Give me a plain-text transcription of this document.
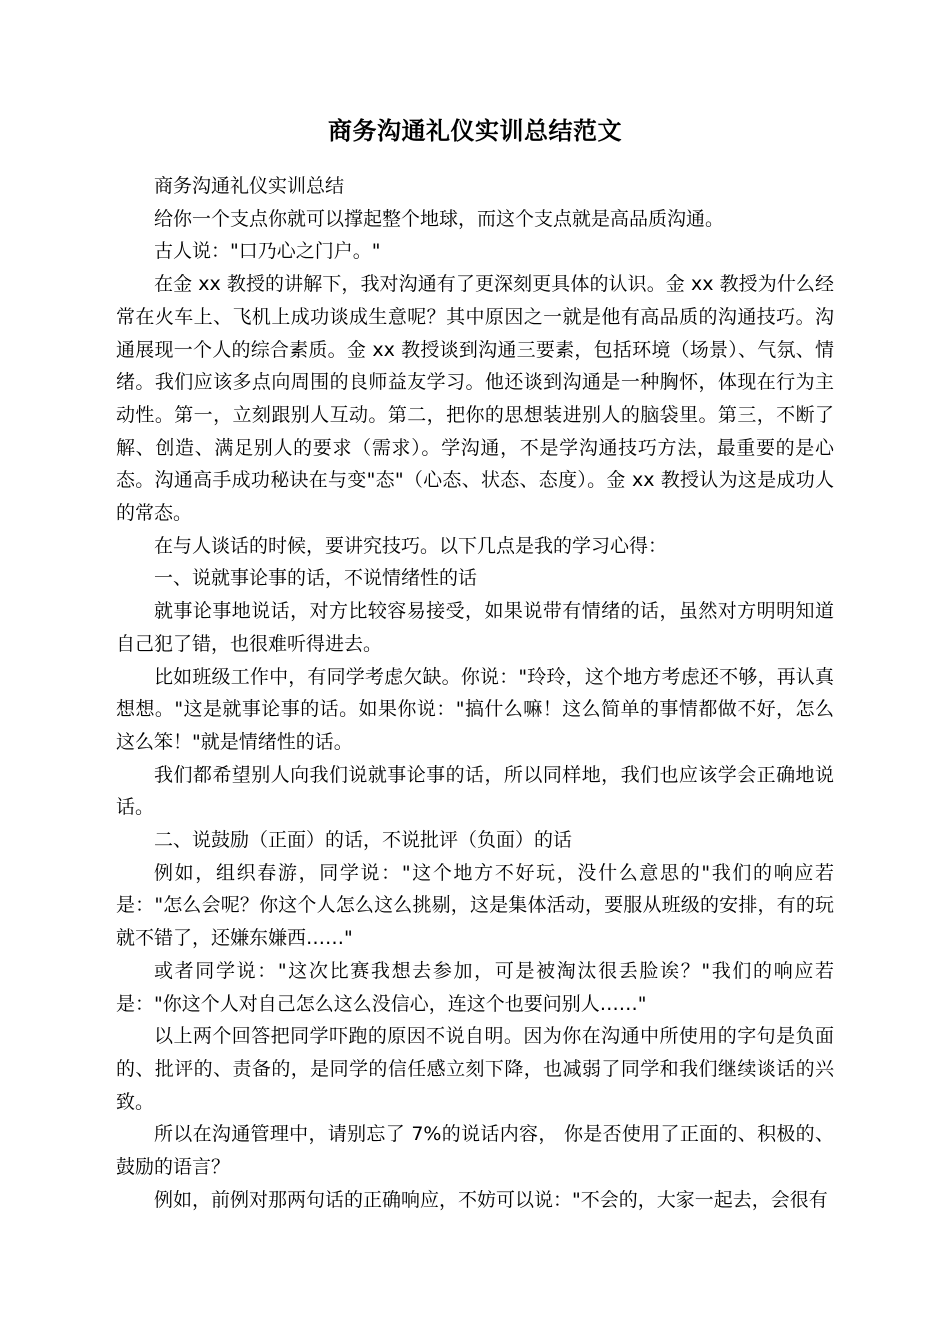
商务沟通礼仪实训总结范文

商务沟通礼仪实训总结

给你一个支点你就可以撑起整个地球，而这个支点就是高品质沟通。

古人说："口乃心之门户。"

在金 xx 教授的讲解下，我对沟通有了更深刻更具体的认识。金 xx 教授为什么经常在火车上、飞机上成功谈成生意呢？其中原因之一就是他有高品质的沟通技巧。沟通展现一个人的综合素质。金 xx 教授谈到沟通三要素，包括环境（场景）、气氛、情绪。我们应该多点向周围的良师益友学习。他还谈到沟通是一种胸怀，体现在行为主动性。第一，立刻跟别人互动。第二，把你的思想装进别人的脑袋里。第三，不断了解、创造、满足别人的要求（需求）。学沟通，不是学沟通技巧方法，最重要的是心态。沟通高手成功秘诀在与变"态"（心态、状态、态度）。金 xx 教授认为这是成功人的常态。

在与人谈话的时候，要讲究技巧。以下几点是我的学习心得：

一、说就事论事的话，不说情绪性的话

就事论事地说话，对方比较容易接受，如果说带有情绪的话，虽然对方明明知道自己犯了错，也很难听得进去。

比如班级工作中，有同学考虑欠缺。你说："玲玲，这个地方考虑还不够，再认真想想。"这是就事论事的话。如果你说："搞什么嘛！这么简单的事情都做不好，怎么这么笨！"就是情绪性的话。

我们都希望别人向我们说就事论事的话，所以同样地，我们也应该学会正确地说话。

二、说鼓励（正面）的话，不说批评（负面）的话

例如，组织春游，同学说："这个地方不好玩，没什么意思的"我们的响应若是："怎么会呢？你这个人怎么这么挑剔，这是集体活动，要服从班级的安排，有的玩就不错了，还嫌东嫌西……"

或者同学说："这次比赛我想去参加，可是被淘汰很丢脸诶？"我们的响应若是："你这个人对自己怎么这么没信心，连这个也要问别人……"

以上两个回答把同学吓跑的原因不说自明。因为你在沟通中所使用的字句是负面的、批评的、责备的，是同学的信任感立刻下降，也减弱了同学和我们继续谈话的兴致。

所以在沟通管理中，请别忘了 7%的说话内容， 你是否使用了正面的、积极的、鼓励的语言？

例如，前例对那两句话的正确响应，不妨可以说："不会的，大家一起去，会很有
